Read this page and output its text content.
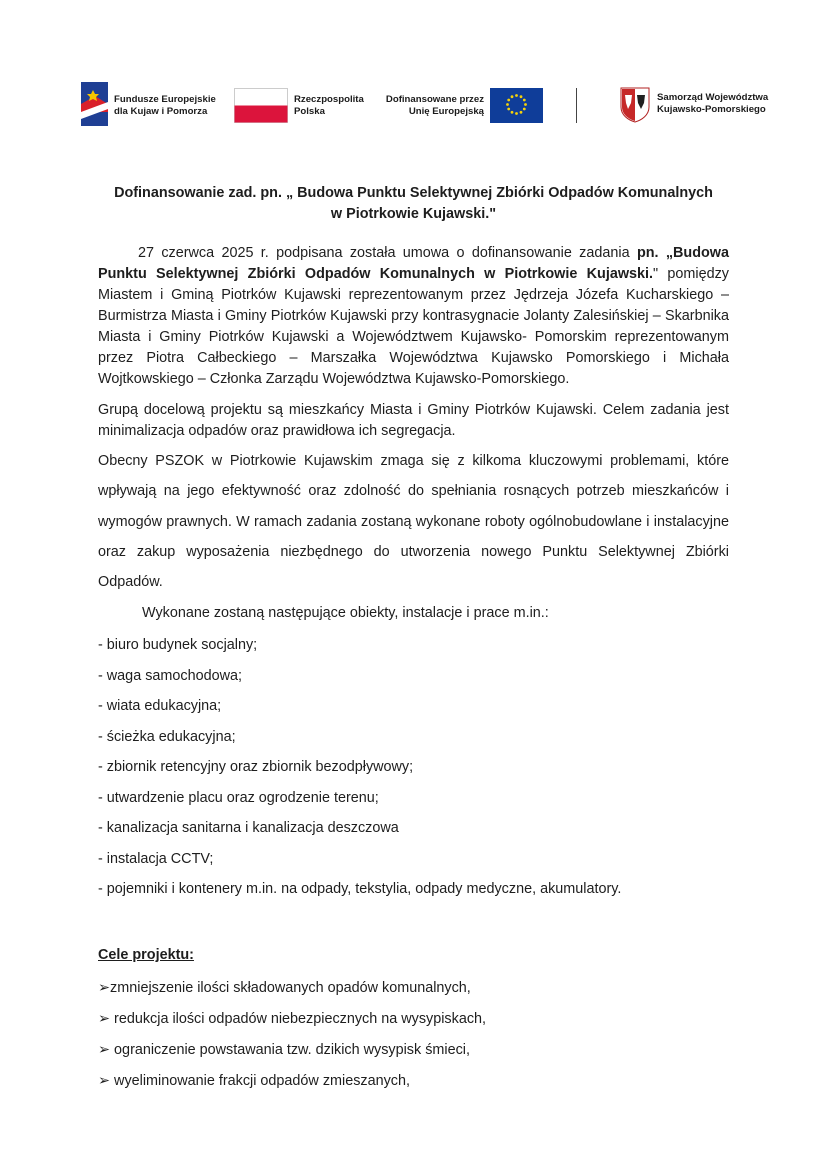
Fundusze Europejskie
dla Kujaw i Pomorza
Rzeczpospolita
Polska
Dofinansowane przez
Unię Europejską
Samorząd Województwa
Kujawsko-Pomorskiego
Dofinansowanie zad. pn. „ Budowa Punktu Selektywnej Zbiórki Odpadów Komunalnych
w Piotrkowie Kujawski."

27 czerwca 2025 r. podpisana została umowa o dofinansowanie zadania pn. „Budowa Punktu Selektywnej Zbiórki Odpadów Komunalnych w Piotrkowie Kujawski." pomiędzy Miastem i Gminą Piotrków Kujawski reprezentowanym przez Jędrzeja Józefa Kucharskiego – Burmistrza Miasta i Gminy Piotrków Kujawski przy kontrasygnacie Jolanty Zalesińskiej – Skarbnika Miasta i Gminy Piotrków Kujawski a Województwem Kujawsko- Pomorskim reprezentowanym przez Piotra Całbeckiego – Marszałka Województwa Kujawsko Pomorskiego i Michała Wojtkowskiego – Członka Zarządu Województwa Kujawsko-Pomorskiego.

Grupą docelową projektu są mieszkańcy Miasta i Gminy Piotrków Kujawski. Celem zadania jest minimalizacja odpadów oraz prawidłowa ich segregacja.

Obecny PSZOK w Piotrkowie Kujawskim zmaga się z kilkoma kluczowymi problemami, które wpływają na jego efektywność oraz zdolność do spełniania rosnących potrzeb mieszkańców i wymogów prawnych. W ramach zadania zostaną wykonane roboty ogólnobudowlane i instalacyjne oraz zakup wyposażenia niezbędnego do utworzenia nowego Punktu Selektywnej Zbiórki Odpadów.

Wykonane zostaną następujące obiekty, instalacje i prace m.in.:

- biuro budynek socjalny;
- waga samochodowa;
- wiata edukacyjna;
- ścieżka edukacyjna;
- zbiornik retencyjny oraz zbiornik bezodpływowy;
- utwardzenie placu oraz ogrodzenie terenu;
- kanalizacja sanitarna i kanalizacja deszczowa
- instalacja CCTV;
- pojemniki i kontenery m.in. na odpady, tekstylia, odpady medyczne, akumulatory.

Cele projektu:

➢zmniejszenie ilości składowanych opadów komunalnych,
➢ redukcja ilości odpadów niebezpiecznych na wysypiskach,
➢ ograniczenie powstawania tzw. dzikich wysypisk śmieci,
➢ wyeliminowanie frakcji odpadów zmieszanych,
